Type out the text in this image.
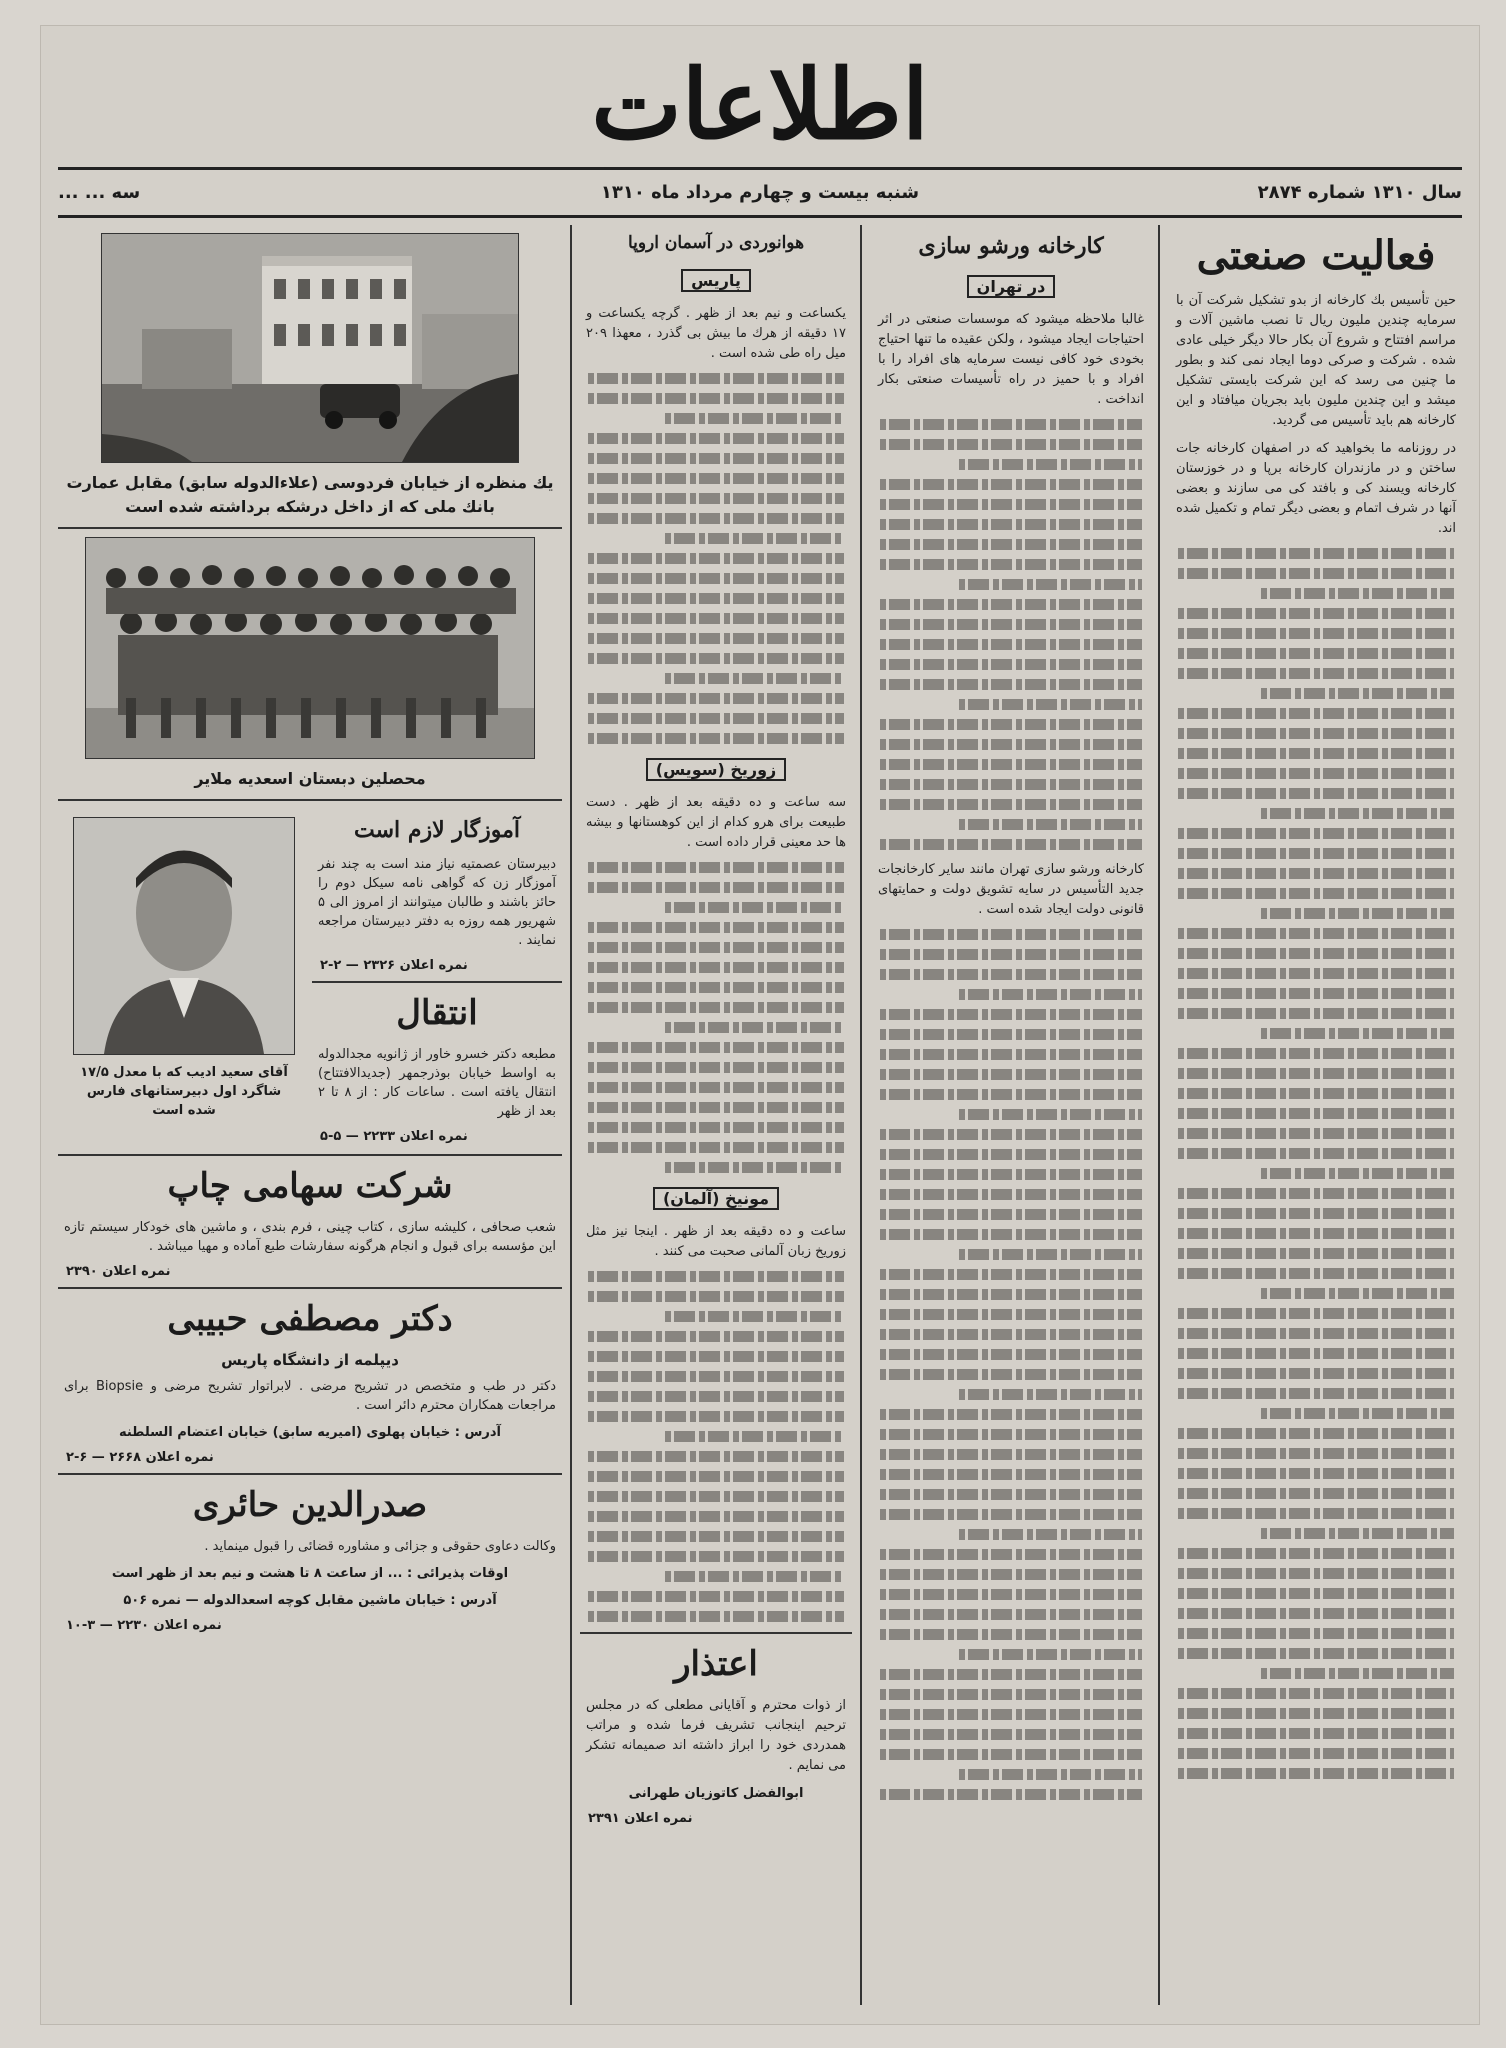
اطلاعات
سال ۱۳۱۰ شماره ۲۸۷۴
شنبه بیست و چهارم مرداد ماه ۱۳۱۰
سه ... ...
فعالیت صنعتی

حین تأسیس بك کارخانه از بدو تشکیل شرکت آن با سرمایه چندین ملیون ریال تا نصب ماشین آلات و مراسم افتتاح و شروع آن بکار حالا دیگر خیلی عادی شده . شرکت و صرکی دوما ایجاد نمی کند و بطور ما چنین می رسد که این شرکت بایستی تشکیل میشد و این چندین ملیون باید بجریان میافتاد و این کارخانه هم باید تأسیس می گردید.

در روزنامه ما بخواهید که در اصفهان کارخانه جات ساختن و در مازندران کارخانه برپا و در خوزستان کارخانه ویسند کی و بافتد کی می سازند و بعضی آنها در شرف اتمام و بعضی دیگر تمام و تکمیل شده اند.

کارخانه ورشو سازی
در تهران

غالبا ملاحظه میشود که موسسات صنعتی در اثر احتیاجات ایجاد میشود ، ولکن عقیده ما تنها احتیاج بخودی خود کافی نیست سرمایه های افراد را با افراد و با حمیز در راه تأسیسات صنعتی بکار انداخت .

کارخانه ورشو سازی تهران مانند سایر کارخانجات جدید التأسیس در سایه تشویق دولت و حمایتهای قانونی دولت ایجاد شده است .

هوانوردی در آسمان اروپا
پاریس

یکساعت و نیم بعد از ظهر . گرچه یکساعت و ۱۷ دقیقه از هرك ما بیش بی گذرد ، معهذا ۲۰۹ میل راه طی شده است .

زوریخ (سویس)

سه ساعت و ده دقیقه بعد از ظهر . دست طبیعت برای هرو کدام از این کوهستانها و بیشه ها حد معینی قرار داده است .

مونیخ (آلمان)

ساعت و ده دقیقه بعد از ظهر . اینجا نیز مثل زوریخ زبان آلمانی صحبت می کنند .

اعتذار

از ذوات محترم و آقایانی مطعلی که در مجلس ترحیم اینجانب تشریف فرما شده و مراتب همدردی خود را ابراز داشته اند صمیمانه تشکر می نمایم .

ابوالفضل کاتوزیان طهرانی
نمره اعلان ۲۳۹۱
یك منظره از خیابان فردوسی (علاءالدوله سابق) مقابل عمارت بانك ملی که از داخل درشکه برداشته شده است
محصلین دبستان اسعدیه ملایر
آموزگار لازم است

دبیرستان عصمتیه نیاز مند است به چند نفر آموزگار زن که گواهی نامه سیکل دوم را حائز باشند و طالبان میتوانند از امروز الی ۵ شهریور همه روزه به دفتر دبیرستان مراجعه نمایند .

نمره اعلان ۲۳۲۶ — ۲-۲
انتقال

مطبعه دکتر خسرو خاور از ژانویه مجدالدوله به اواسط خیابان بوذرجمهر (جدیدالافتتاح) انتقال یافته است . ساعات کار : از ۸ تا ۲ بعد از ظهر

نمره اعلان ۲۲۳۳ — ۵-۵
آقای سعید ادیب که با معدل ۱۷/۵ شاگرد اول دبیرستانهای فارس شده است
شرکت سهامی چاپ

شعب صحافی ، کلیشه سازی ، کتاب چینی ، فرم بندی ، و ماشین های خودکار سیستم تازه این مؤسسه برای قبول و انجام هرگونه سفارشات طبع آماده و مهیا میباشد .

نمره اعلان ۲۳۹۰
دکتر مصطفی حبیبی
دیپلمه از دانشگاه پاریس

دکتر در طب و متخصص در تشریح مرضی . لابراتوار تشریح مرضی و Biopsie برای مراجعات همکاران محترم دائر است .

آدرس : خیابان پهلوی (امیریه سابق) خیابان اعتضام السلطنه
نمره اعلان ۲۶۶۸ — ۶-۲
صدرالدین حائری

وکالت دعاوی حقوقی و جزائی و مشاوره قضائی را قبول مینماید .

اوقات پذیرائی : ... از ساعت ۸ تا هشت و نیم بعد از ظهر است
آدرس : خیابان ماشین مقابل کوچه اسعدالدوله — نمره ۵۰۶
نمره اعلان ۲۲۳۰ — ۳-۱۰
